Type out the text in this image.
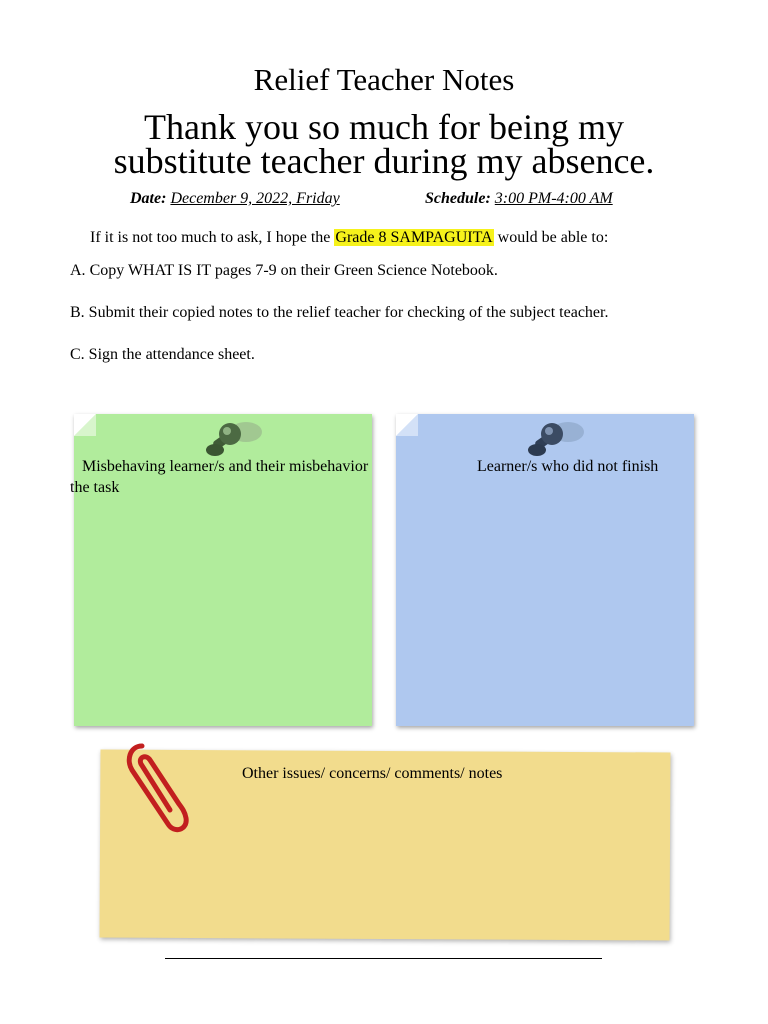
Relief Teacher Notes
Thank you so much for being my
substitute teacher during my absence.
Date: December 9, 2022, Friday	Schedule: 3:00 PM-4:00 AM
If it is not too much to ask, I hope the Grade 8 SAMPAGUITA would be able to:
A. Copy WHAT IS IT pages 7-9 on their Green Science Notebook.
B. Submit their copied notes to the relief teacher for checking of the subject teacher.
C. Sign the attendance sheet.
Misbehaving learner/s and their misbehavior	Learner/s who did not finish
the task
Other issues/ concerns/ comments/ notes
